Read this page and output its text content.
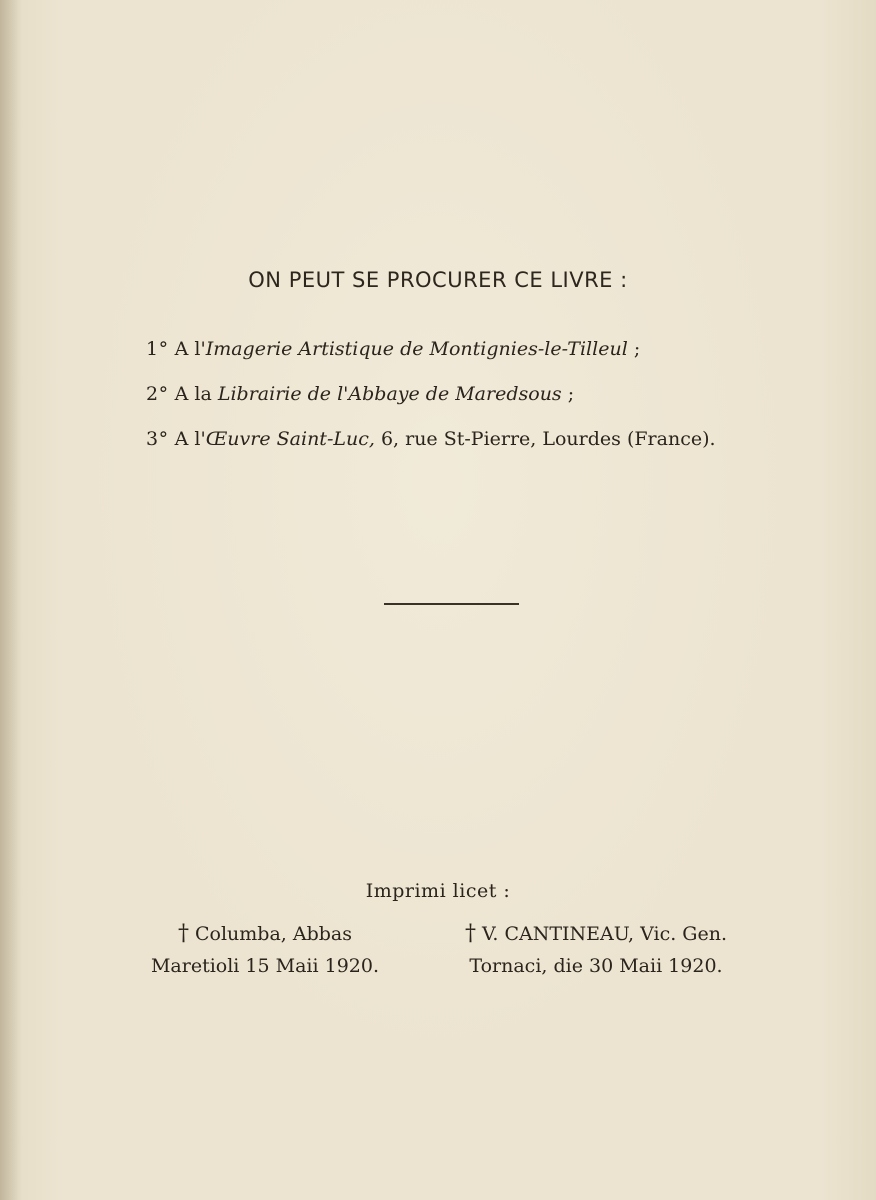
ON PEUT SE PROCURER CE LIVRE :
1° A l'Imagerie Artistique de Montignies-le-Tilleul ;
2° A la Librairie de l'Abbaye de Maredsous ;
3° A l'Œuvre Saint-Luc, 6, rue St-Pierre, Lourdes (France).
Imprimi licet :
† Columba, Abbas
Maretioli 15 Maii 1920.
† V. CANTINEAU, Vic. Gen.
Tornaci, die 30 Maii 1920.
